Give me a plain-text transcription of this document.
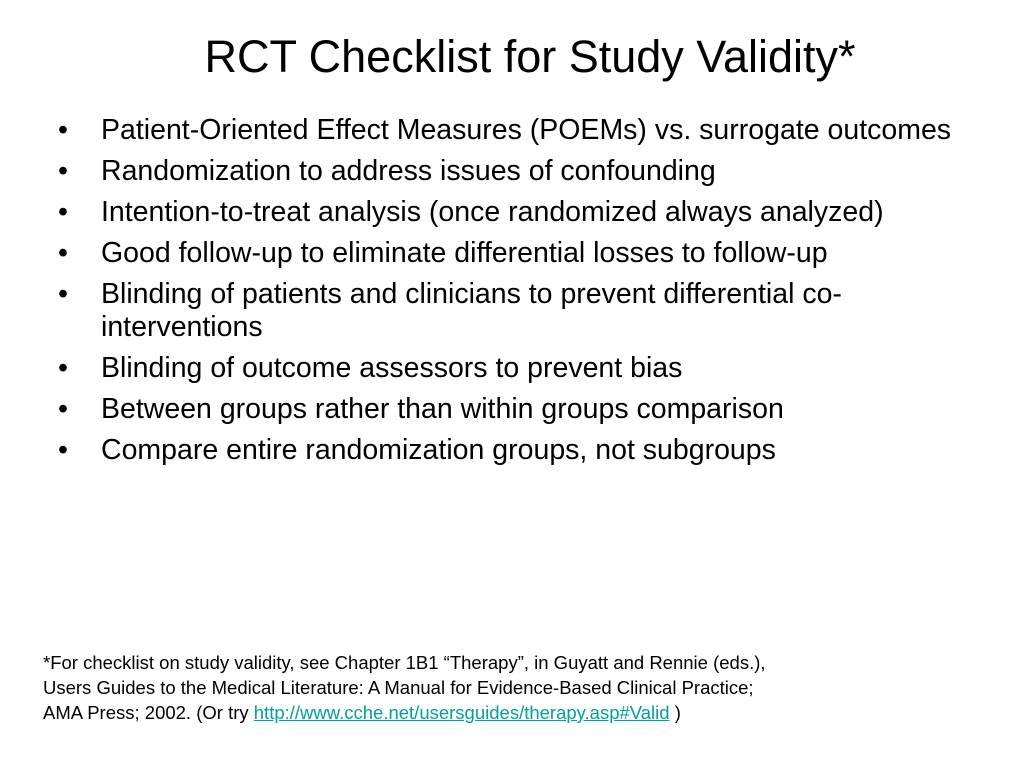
RCT Checklist for Study Validity*
• Patient-Oriented Effect Measures (POEMs) vs. surrogate outcomes
• Randomization to address issues of confounding
• Intention-to-treat analysis (once randomized always analyzed)
• Good follow-up to eliminate differential losses to follow-up
• Blinding of patients and clinicians to prevent differential co-interventions
• Blinding of outcome assessors to prevent bias
• Between groups rather than within groups comparison
• Compare entire randomization groups, not subgroups

*For checklist on study validity, see Chapter 1B1 “Therapy”, in Guyatt and Rennie (eds.),
Users Guides to the Medical Literature: A Manual for Evidence-Based Clinical Practice;
AMA Press; 2002. (Or try http://www.cche.net/usersguides/therapy.asp#Valid )
